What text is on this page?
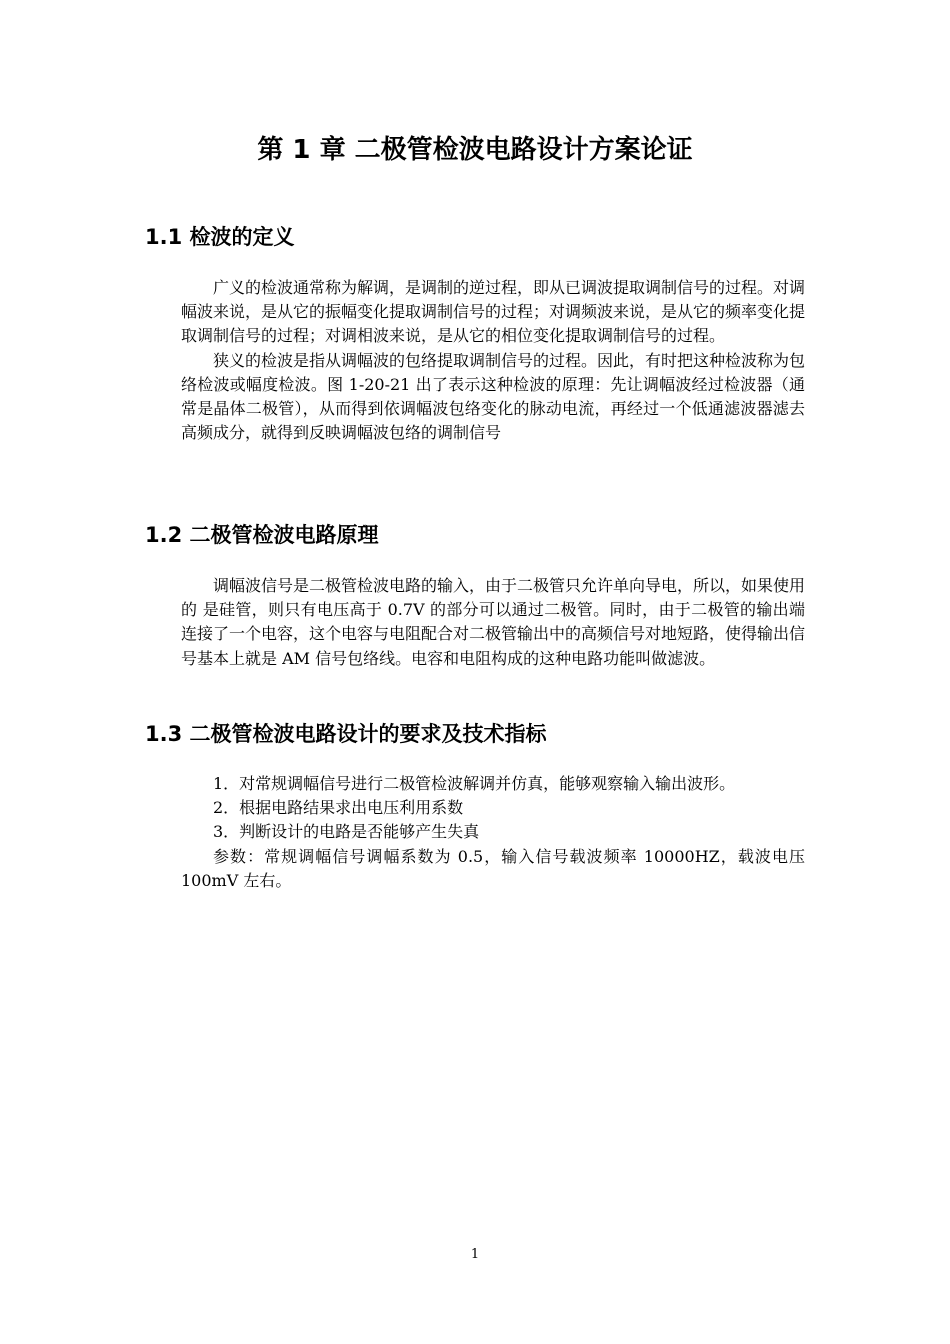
第 1 章 二极管检波电路设计方案论证
1.1 检波的定义

广义的检波通常称为解调，是调制的逆过程，即从已调波提取调制信号的过程。对调幅波来说，是从它的振幅变化提取调制信号的过程；对调频波来说，是从它的频率变化提取调制信号的过程；对调相波来说，是从它的相位变化提取调制信号的过程。

狭义的检波是指从调幅波的包络提取调制信号的过程。因此，有时把这种检波称为包络检波或幅度检波。图 1-20-21 出了表示这种检波的原理：先让调幅波经过检波器（通常是晶体二极管），从而得到依调幅波包络变化的脉动电流，再经过一个低通滤波器滤去高频成分，就得到反映调幅波包络的调制信号

1.2 二极管检波电路原理

调幅波信号是二极管检波电路的输入，由于二极管只允许单向导电，所以，如果使用的 是硅管，则只有电压高于 0.7V 的部分可以通过二极管。同时，由于二极管的输出端连接了一个电容，这个电容与电阻配合对二极管输出中的高频信号对地短路，使得输出信号基本上就是 AM 信号包络线。电容和电阻构成的这种电路功能叫做滤波。

1.3 二极管检波电路设计的要求及技术指标

1．对常规调幅信号进行二极管检波解调并仿真，能够观察输入输出波形。

2．根据电路结果求出电压利用系数

3．判断设计的电路是否能够产生失真

参数：常规调幅信号调幅系数为 0.5，输入信号载波频率 10000HZ，载波电压 100mV 左右。

1
